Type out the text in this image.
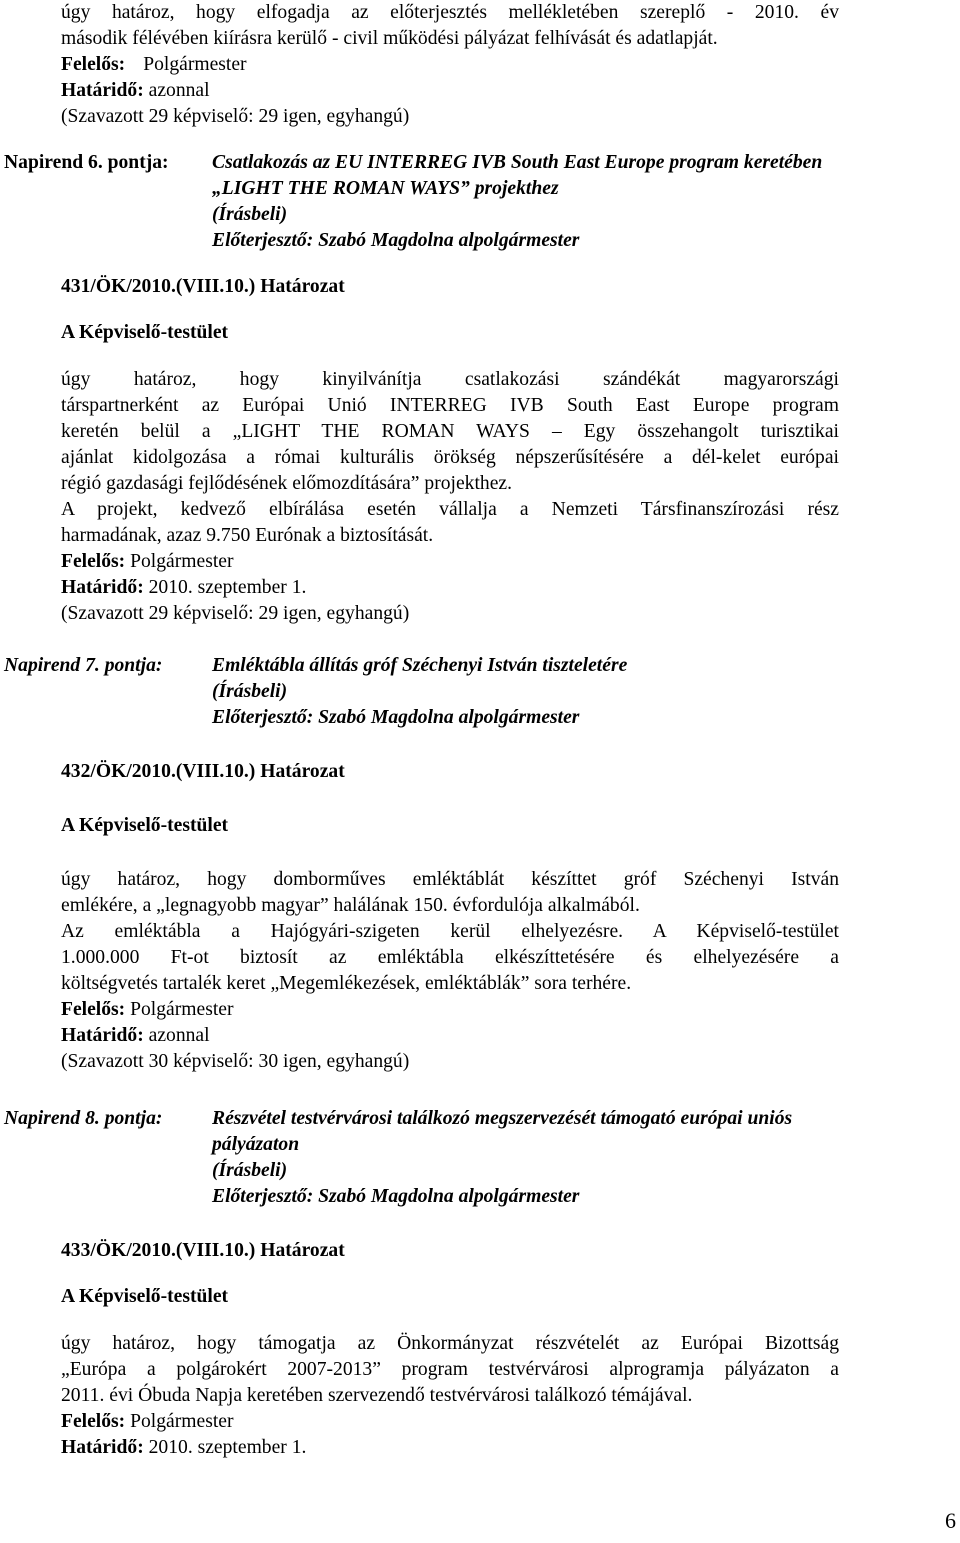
úgy határoz, hogy elfogadja az előterjesztés mellékletében szereplő - 2010. év
második félévében kiírásra kerülő - civil működési pályázat felhívását és adatlapját.
Felelős: Polgármester
Határidő: azonnal
(Szavazott 29 képviselő: 29 igen, egyhangú)
Napirend 6. pontja: Csatlakozás az EU INTERREG IVB South East Europe program keretében
„LIGHT THE ROMAN WAYS” projekthez
(Írásbeli)
Előterjesztő: Szabó Magdolna alpolgármester
431/ÖK/2010.(VIII.10.) Határozat
A Képviselő-testület
úgy határoz, hogy kinyilvánítja csatlakozási szándékát magyarországi
társpartnerként az Európai Unió INTERREG IVB South East Europe program
keretén belül a „LIGHT THE ROMAN WAYS – Egy összehangolt turisztikai
ajánlat kidolgozása a római kulturális örökség népszerűsítésére a dél-kelet európai
régió gazdasági fejlődésének előmozdítására” projekthez.
A projekt, kedvező elbírálása esetén vállalja a Nemzeti Társfinanszírozási rész
harmadának, azaz 9.750 Eurónak a biztosítását.
Felelős: Polgármester
Határidő: 2010. szeptember 1.
(Szavazott 29 képviselő: 29 igen, egyhangú)
Napirend 7. pontja:	Emléktábla állítás gróf Széchenyi István tiszteletére
(Írásbeli)
Előterjesztő: Szabó Magdolna alpolgármester
432/ÖK/2010.(VIII.10.) Határozat
A Képviselő-testület
úgy határoz, hogy domborműves emléktáblát készíttet gróf Széchenyi István
emlékére, a „legnagyobb magyar” halálának 150. évfordulója alkalmából.
Az emléktábla a Hajógyári-szigeten kerül elhelyezésre. A Képviselő-testület
1.000.000 Ft-ot biztosít az emléktábla elkészíttetésére és elhelyezésére a
költségvetés tartalék keret „Megemlékezések, emléktáblák” sora terhére.
Felelős: Polgármester
Határidő: azonnal
(Szavazott 30 képviselő: 30 igen, egyhangú)
Napirend 8. pontja:	Részvétel testvérvárosi találkozó megszervezését támogató európai uniós
pályázaton
(Írásbeli)
Előterjesztő: Szabó Magdolna alpolgármester
433/ÖK/2010.(VIII.10.) Határozat
A Képviselő-testület
úgy határoz, hogy támogatja az Önkormányzat részvételét az Európai Bizottság
„Európa a polgárokért 2007-2013” program testvérvárosi alprogramja pályázaton a
2011. évi Óbuda Napja keretében szervezendő testvérvárosi találkozó témájával.
Felelős: Polgármester
Határidő: 2010. szeptember 1.
6
